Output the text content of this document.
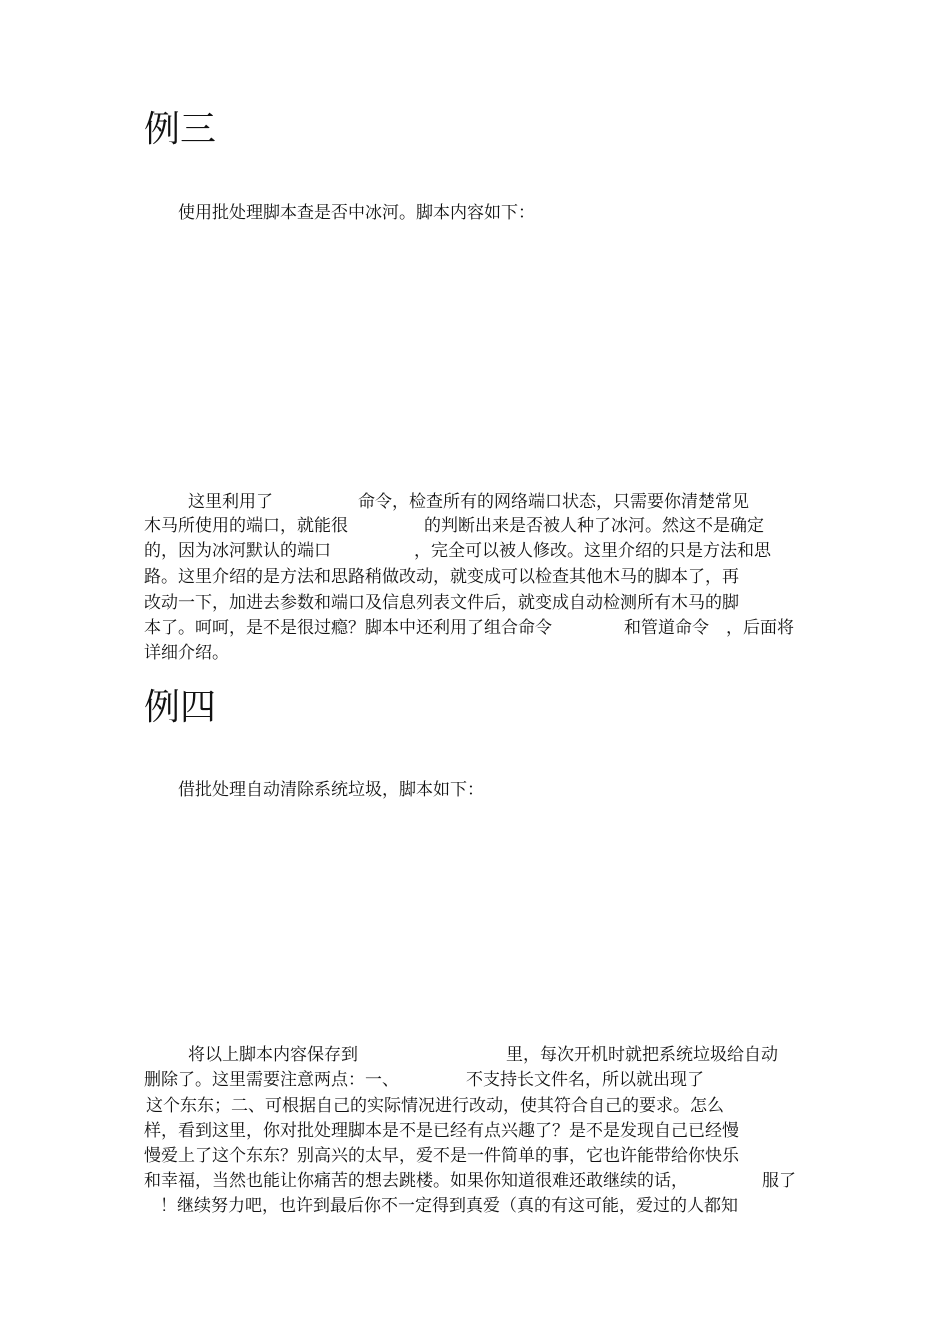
例三

使用批处理脚本查是否中冰河。脚本内容如下：

这里利用了	命令，检查所有的网络端口状态，只需要你清楚常见

木马所使用的端口，就能很	的判断出来是否被人种了冰河。然这不是确定

的，因为冰河默认的端口	，完全可以被人修改。这里介绍的只是方法和思

路。这里介绍的是方法和思路稍做改动，就变成可以检查其他木马的脚本了，再

改动一下，加进去参数和端口及信息列表文件后，就变成自动检测所有木马的脚

本了。呵呵，是不是很过瘾？脚本中还利用了组合命令	和管道命令 ，后面将

详细介绍。

例四

借批处理自动清除系统垃圾，脚本如下：

将以上脚本内容保存到	里，每次开机时就把系统垃圾给自动

删除了。这里需要注意两点：一、	不支持长文件名，所以就出现了

这个东东；二、可根据自己的实际情况进行改动，使其符合自己的要求。怎么

样，看到这里，你对批处理脚本是不是已经有点兴趣了？是不是发现自己已经慢

慢爱上了这个东东？别高兴的太早，爱不是一件简单的事，它也许能带给你快乐

和幸福，当然也能让你痛苦的想去跳楼。如果你知道很难还敢继续的话，	服了

！继续努力吧，也许到最后你不一定得到真爱（真的有这可能，爱过的人都知
